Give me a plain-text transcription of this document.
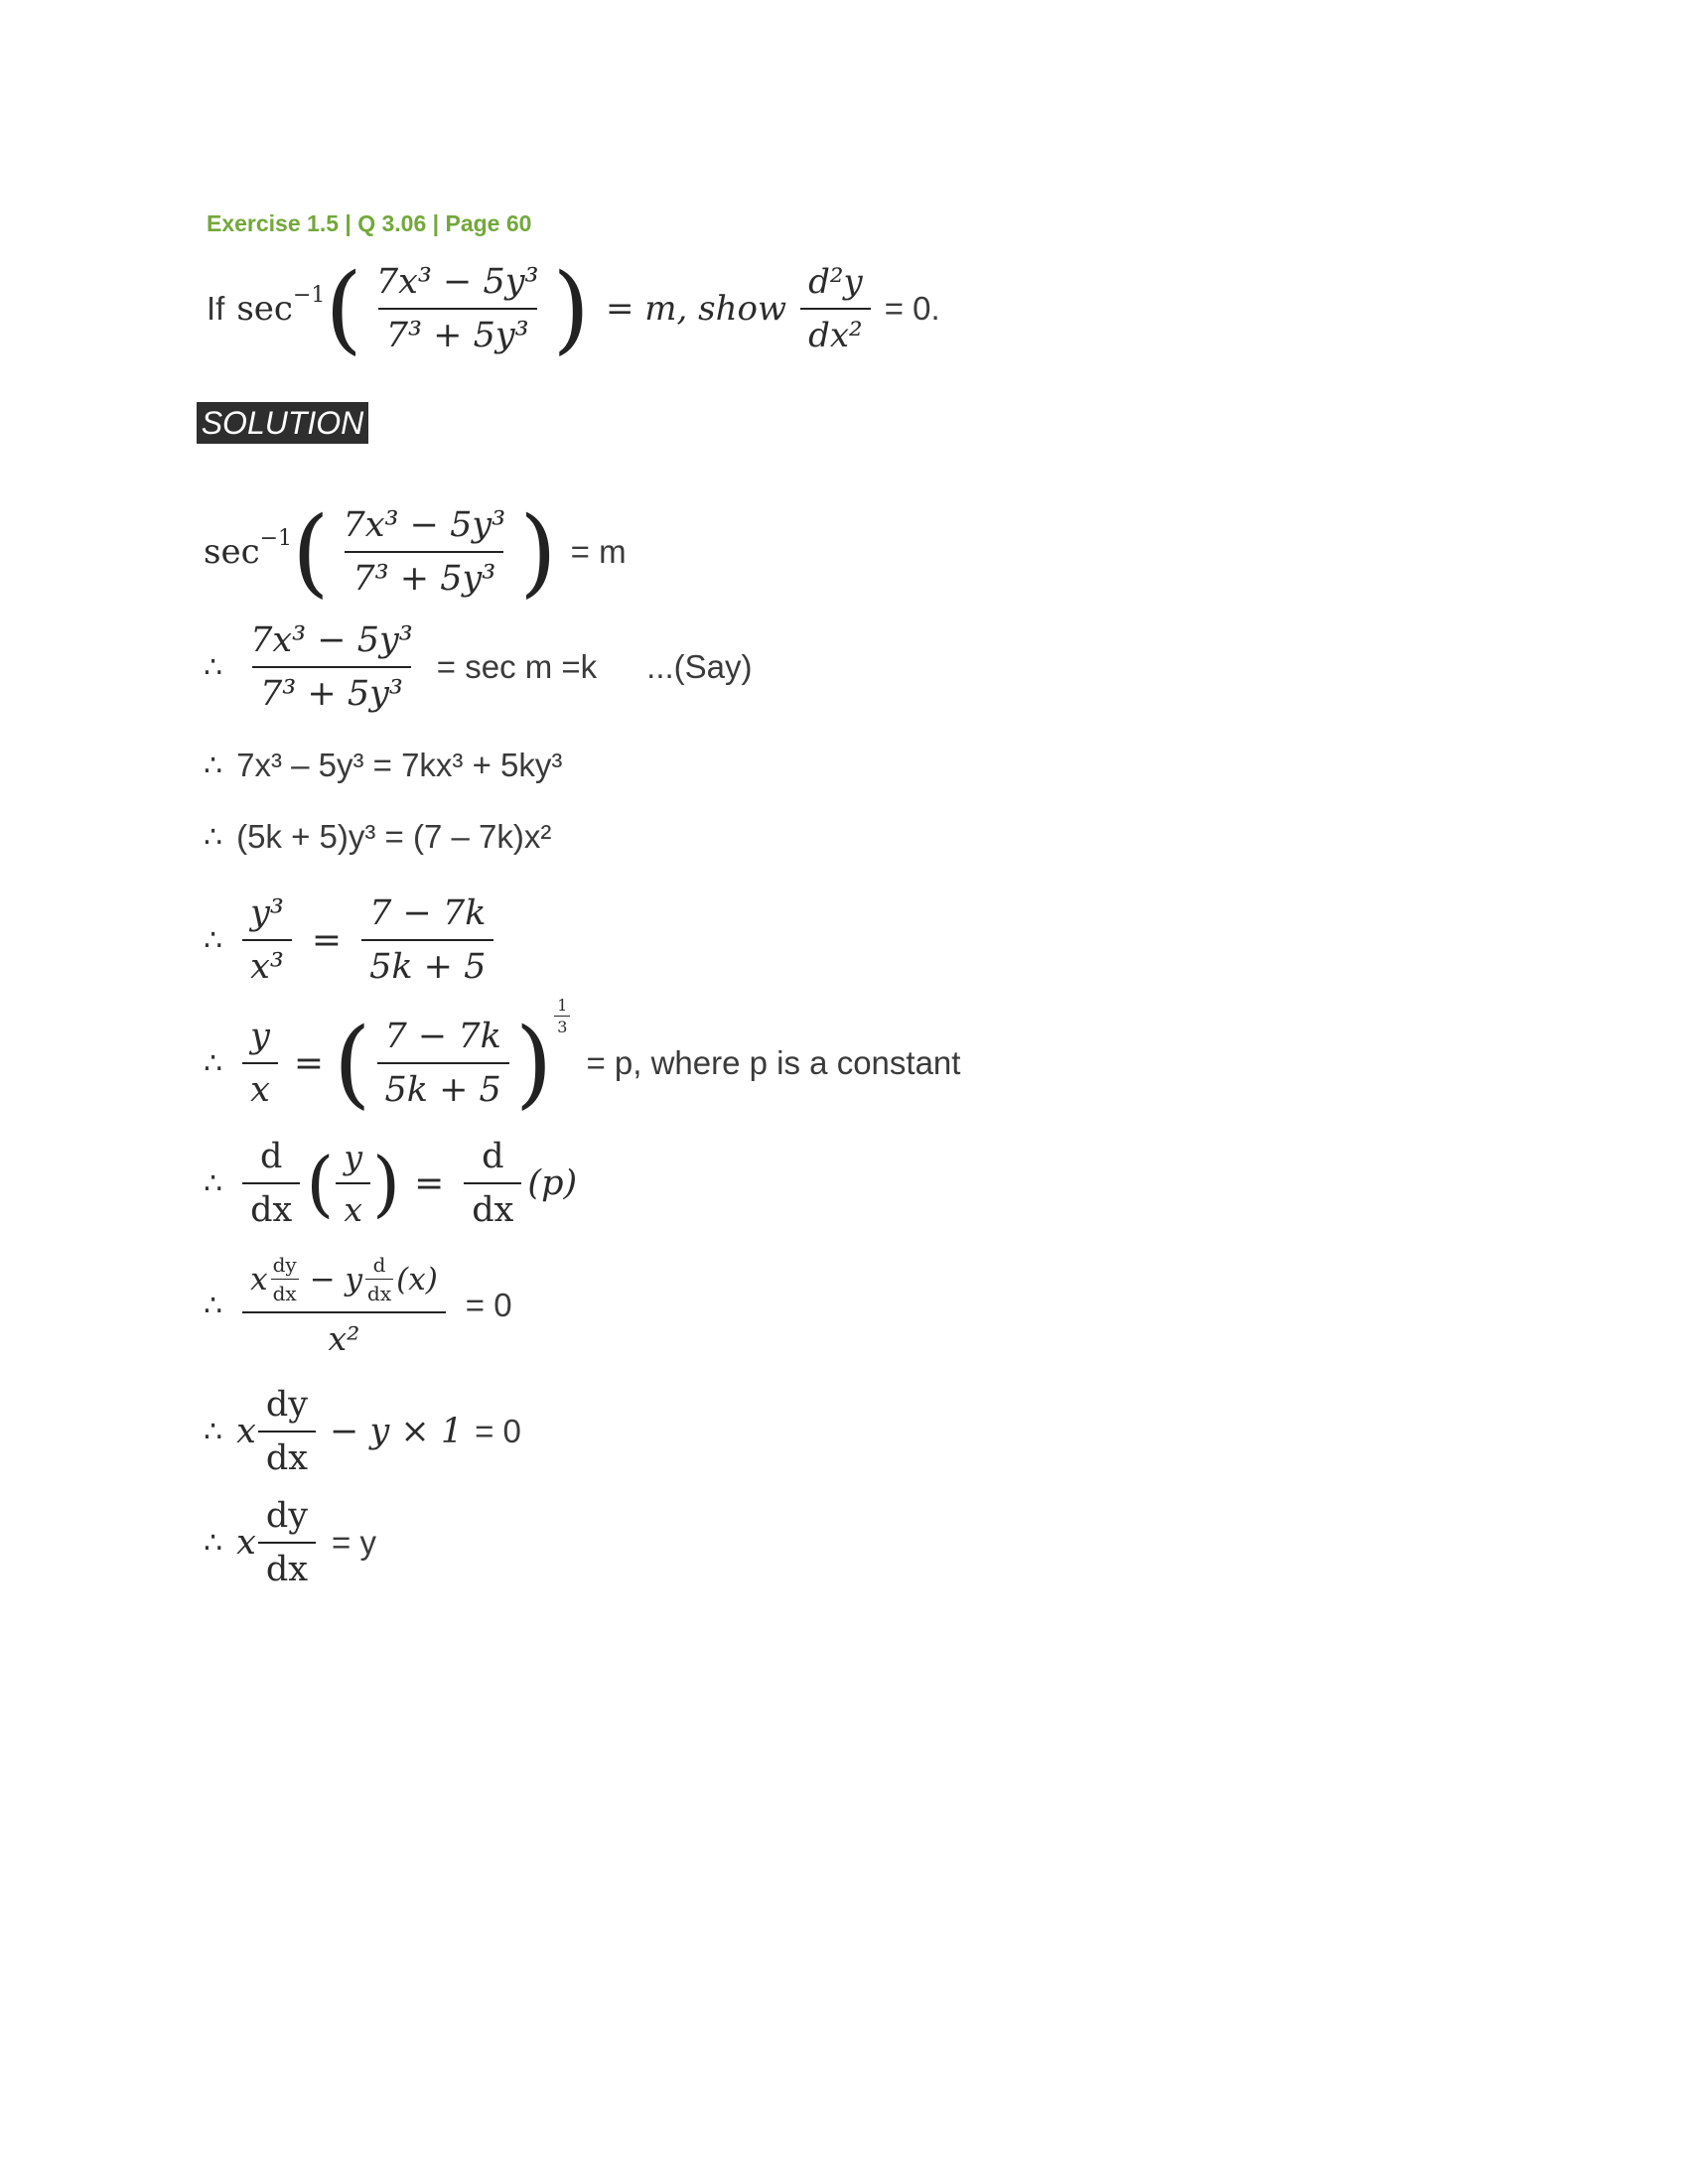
Exercise 1.5 | Q 3.06 | Page 60
If sec −1 ( $\frac{\text{7x³ − 5y³}}{\text{7³ + 5y³}}$ ) = m, show $\frac{\text{d²y}}{\text{dx²}} = 0$.
SOLUTION
sec −1 ( $\frac{\text{7x³ − 5y³}}{\text{7³ + 5y³}}$ ) = m
∴ $\frac{\text{7x³ − 5y³}}{\text{7³ + 5y³}} = \sec m =k$ ...(Say)
∴ 7x³ – 5y³ = 7kx³ + 5ky³
∴ (5k + 5)y³ = (7 – 7k)x²
∴ $\frac{\text{y³}}{\text{x³}} = \frac{7 - 7k}{5k + 5}$
∴ $\frac{y}{x}$ = ( $\frac{7 - 7k}{5k + 5}$ ) $\frac{1}{3}$
= p, where p is a constant
∴ $\frac{d}{dx}$ ( $\frac{y}{x}$ ) = $\frac{d}{dx} (p)$
∴
x $\frac{dy}{dx} - y \frac{d}{dx} (x)$
x²
= 0
∴ x $\frac{dy}{dx} - y \times 1 = 0$
∴ x $\frac{dy}{dx} = y$
